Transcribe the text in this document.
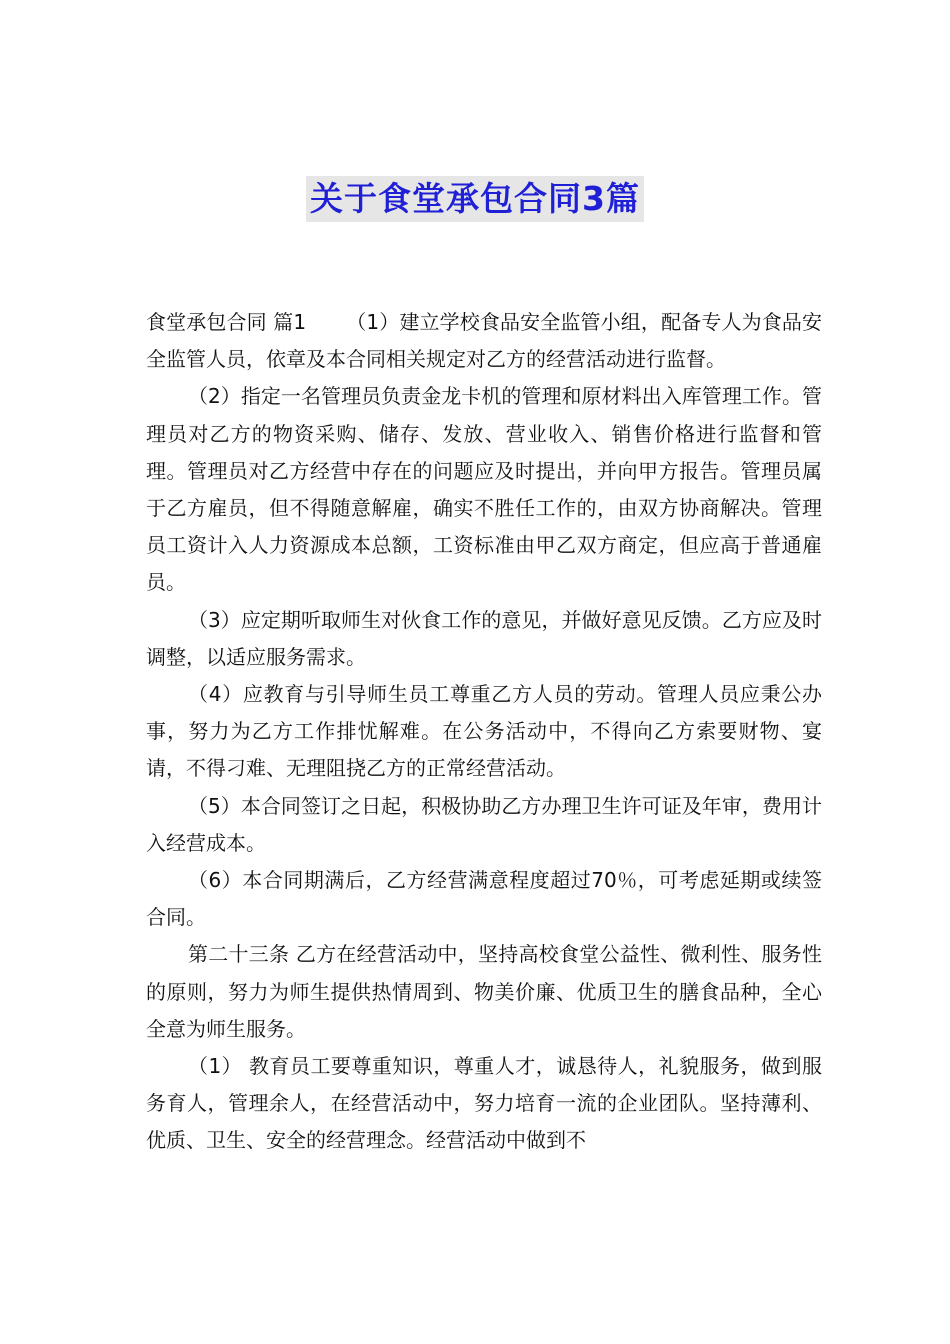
关于食堂承包合同3篇

食堂承包合同 篇1 （1）建立学校食品安全监管小组，配备专人为食品安全监管人员，依章及本合同相关规定对乙方的经营活动进行监督。

（2）指定一名管理员负责金龙卡机的管理和原材料出入库管理工作。管理员对乙方的物资采购、储存、发放、营业收入、销售价格进行监督和管理。管理员对乙方经营中存在的问题应及时提出，并向甲方报告。管理员属于乙方雇员，但不得随意解雇，确实不胜任工作的，由双方协商解决。管理员工资计入人力资源成本总额，工资标准由甲乙双方商定，但应高于普通雇员。

（3）应定期听取师生对伙食工作的意见，并做好意见反馈。乙方应及时调整，以适应服务需求。

（4）应教育与引导师生员工尊重乙方人员的劳动。管理人员应秉公办事，努力为乙方工作排忧解难。在公务活动中，不得向乙方索要财物、宴请，不得刁难、无理阻挠乙方的正常经营活动。

（5）本合同签订之日起，积极协助乙方办理卫生许可证及年审，费用计入经营成本。

（6）本合同期满后，乙方经营满意程度超过70％，可考虑延期或续签合同。

第二十三条 乙方在经营活动中，坚持高校食堂公益性、微利性、服务性的原则，努力为师生提供热情周到、物美价廉、优质卫生的膳食品种，全心全意为师生服务。

（1） 教育员工要尊重知识，尊重人才，诚恳待人，礼貌服务，做到服务育人，管理余人，在经营活动中，努力培育一流的企业团队。坚持薄利、优质、卫生、安全的经营理念。经营活动中做到不
